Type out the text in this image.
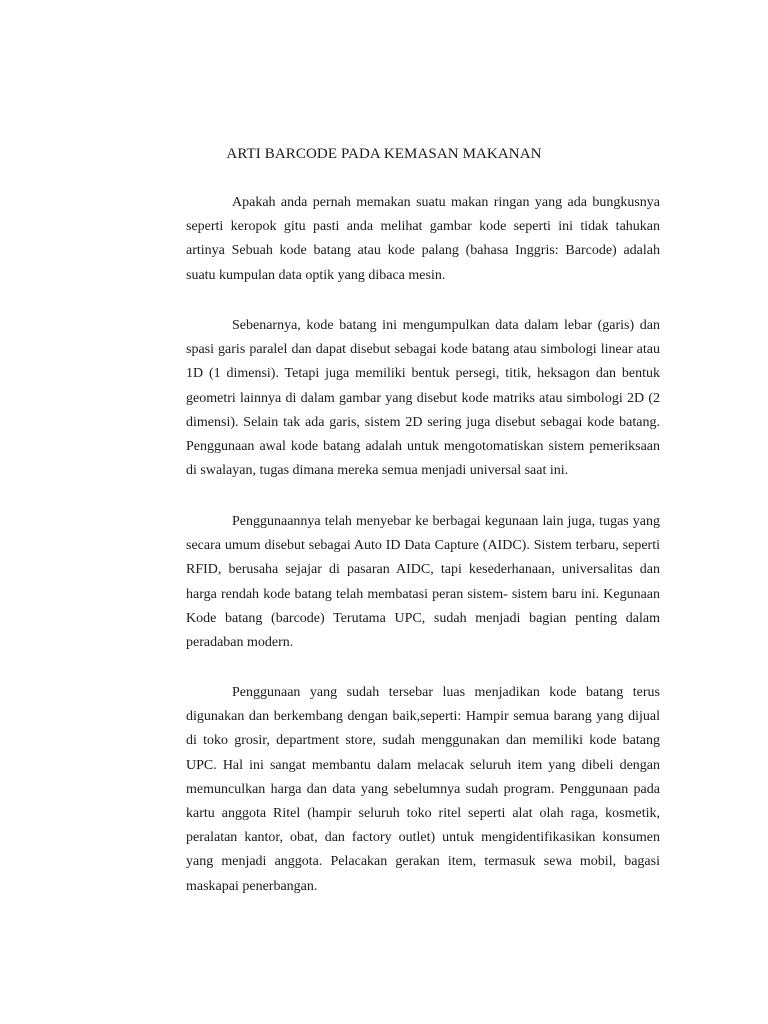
ARTI BARCODE PADA KEMASAN MAKANAN

Apakah anda pernah memakan suatu makan ringan yang ada bungkusnya seperti keropok gitu pasti anda melihat gambar kode seperti ini tidak tahukan artinya Sebuah kode batang atau kode palang (bahasa Inggris: Barcode) adalah suatu kumpulan data optik yang dibaca mesin.

Sebenarnya, kode batang ini mengumpulkan data dalam lebar (garis) dan spasi garis paralel dan dapat disebut sebagai kode batang atau simbologi linear atau 1D (1 dimensi). Tetapi juga memiliki bentuk persegi, titik, heksagon dan bentuk geometri lainnya di dalam gambar yang disebut kode matriks atau simbologi 2D (2 dimensi). Selain tak ada garis, sistem 2D sering juga disebut sebagai kode batang. Penggunaan awal kode batang adalah untuk mengotomatiskan sistem pemeriksaan di swalayan, tugas dimana mereka semua menjadi universal saat ini.

Penggunaannya telah menyebar ke berbagai kegunaan lain juga, tugas yang secara umum disebut sebagai Auto ID Data Capture (AIDC). Sistem terbaru, seperti RFID, berusaha sejajar di pasaran AIDC, tapi kesederhanaan, universalitas dan harga rendah kode batang telah membatasi peran sistem- sistem baru ini. Kegunaan Kode batang (barcode) Terutama UPC, sudah menjadi bagian penting dalam peradaban modern.

Penggunaan yang sudah tersebar luas menjadikan kode batang terus digunakan dan berkembang dengan baik,seperti: Hampir semua barang yang dijual di toko grosir, department store, sudah menggunakan dan memiliki kode batang UPC. Hal ini sangat membantu dalam melacak seluruh item yang dibeli dengan memunculkan harga dan data yang sebelumnya sudah program. Penggunaan pada kartu anggota Ritel (hampir seluruh toko ritel seperti alat olah raga, kosmetik, peralatan kantor, obat, dan factory outlet) untuk mengidentifikasikan konsumen yang menjadi anggota. Pelacakan gerakan item, termasuk sewa mobil, bagasi maskapai penerbangan.
